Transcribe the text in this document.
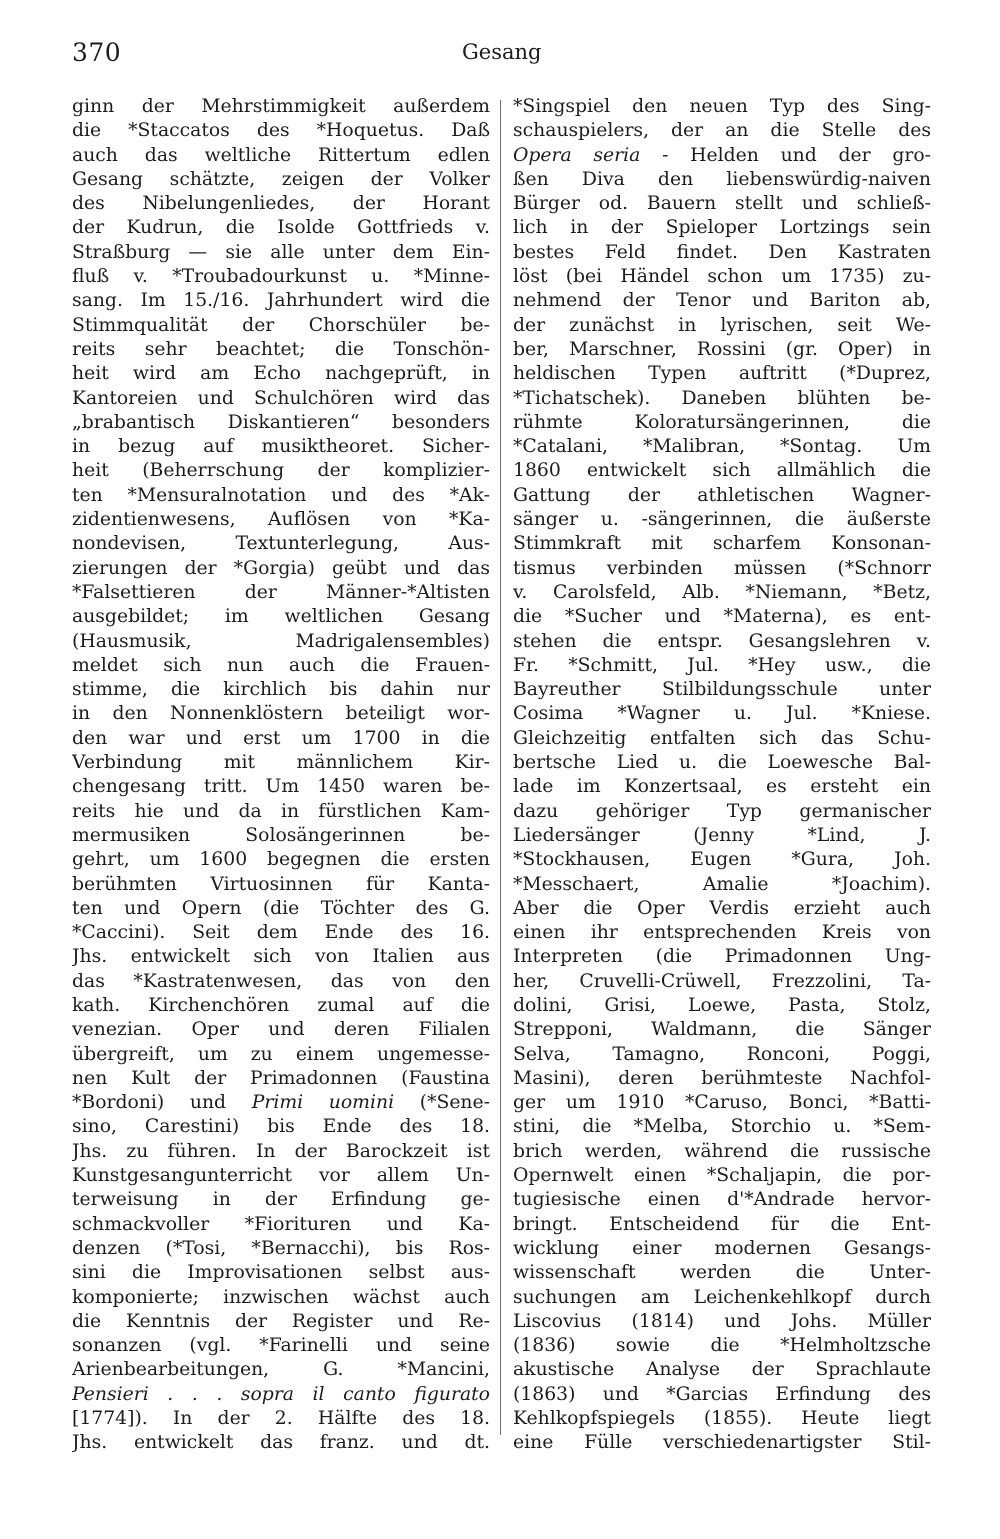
370	Gesang
ginn der Mehrstimmigkeit außerdem
die *Staccatos des *Hoquetus. Daß
auch das weltliche Rittertum edlen
Gesang schätzte, zeigen der Volker
des Nibelungenliedes, der Horant
der Kudrun, die Isolde Gottfrieds v.
Straßburg — sie alle unter dem Ein-
fluß v. *Troubadourkunst u. *Minne-
sang. Im 15./16. Jahrhundert wird die
Stimmqualität der Chorschüler be-
reits sehr beachtet; die Tonschön-
heit wird am Echo nachgeprüft, in
Kantoreien und Schulchören wird das
„brabantisch Diskantieren“ besonders
in bezug auf musiktheoret. Sicher-
heit (Beherrschung der komplizier-
ten *Mensuralnotation und des *Ak-
zidentienwesens, Auflösen von *Ka-
nondevisen, Textunterlegung, Aus-
zierungen der *Gorgia) geübt und das
*Falsettieren der Männer-*Altisten
ausgebildet; im weltlichen Gesang
(Hausmusik, Madrigalensembles)
meldet sich nun auch die Frauen-
stimme, die kirchlich bis dahin nur
in den Nonnenklöstern beteiligt wor-
den war und erst um 1700 in die
Verbindung mit männlichem Kir-
chengesang tritt. Um 1450 waren be-
reits hie und da in fürstlichen Kam-
mermusiken Solosängerinnen be-
gehrt, um 1600 begegnen die ersten
berühmten Virtuosinnen für Kanta-
ten und Opern (die Töchter des G.
*Caccini). Seit dem Ende des 16.
Jhs. entwickelt sich von Italien aus
das *Kastratenwesen, das von den
kath. Kirchenchören zumal auf die
venezian. Oper und deren Filialen
übergreift, um zu einem ungemesse-
nen Kult der Primadonnen (Faustina
*Bordoni) und Primi uomini (*Sene-
sino, Carestini) bis Ende des 18.
Jhs. zu führen. In der Barockzeit ist
Kunstgesangunterricht vor allem Un-
terweisung in der Erfindung ge-
schmackvoller *Fiorituren und Ka-
denzen (*Tosi, *Bernacchi), bis Ros-
sini die Improvisationen selbst aus-
komponierte; inzwischen wächst auch
die Kenntnis der Register und Re-
sonanzen (vgl. *Farinelli und seine
Arienbearbeitungen, G. *Mancini,
Pensieri . . . sopra il canto figurato
[1774]). In der 2. Hälfte des 18.
Jhs. entwickelt das franz. und dt.
*Singspiel den neuen Typ des Sing-
schauspielers, der an die Stelle des
Opera seria - Helden und der gro-
ßen Diva den liebenswürdig-naiven
Bürger od. Bauern stellt und schließ-
lich in der Spieloper Lortzings sein
bestes Feld findet. Den Kastraten
löst (bei Händel schon um 1735) zu-
nehmend der Tenor und Bariton ab,
der zunächst in lyrischen, seit We-
ber, Marschner, Rossini (gr. Oper) in
heldischen Typen auftritt (*Duprez,
*Tichatschek). Daneben blühten be-
rühmte Koloratursängerinnen, die
*Catalani, *Malibran, *Sontag. Um
1860 entwickelt sich allmählich die
Gattung der athletischen Wagner-
sänger u. -sängerinnen, die äußerste
Stimmkraft mit scharfem Konsonan-
tismus verbinden müssen (*Schnorr
v. Carolsfeld, Alb. *Niemann, *Betz,
die *Sucher und *Materna), es ent-
stehen die entspr. Gesangslehren v.
Fr. *Schmitt, Jul. *Hey usw., die
Bayreuther Stilbildungsschule unter
Cosima *Wagner u. Jul. *Kniese.
Gleichzeitig entfalten sich das Schu-
bertsche Lied u. die Loewesche Bal-
lade im Konzertsaal, es ersteht ein
dazu gehöriger Typ germanischer
Liedersänger (Jenny *Lind, J.
*Stockhausen, Eugen *Gura, Joh.
*Messchaert, Amalie *Joachim).
Aber die Oper Verdis erzieht auch
einen ihr entsprechenden Kreis von
Interpreten (die Primadonnen Ung-
her, Cruvelli-Crüwell, Frezzolini, Ta-
dolini, Grisi, Loewe, Pasta, Stolz,
Strepponi, Waldmann, die Sänger
Selva, Tamagno, Ronconi, Poggi,
Masini), deren berühmteste Nachfol-
ger um 1910 *Caruso, Bonci, *Batti-
stini, die *Melba, Storchio u. *Sem-
brich werden, während die russische
Opernwelt einen *Schaljapin, die por-
tugiesische einen d'*Andrade hervor-
bringt. Entscheidend für die Ent-
wicklung einer modernen Gesangs-
wissenschaft werden die Unter-
suchungen am Leichenkehlkopf durch
Liscovius (1814) und Johs. Müller
(1836) sowie die *Helmholtzsche
akustische Analyse der Sprachlaute
(1863) und *Garcias Erfindung des
Kehlkopfspiegels (1855). Heute liegt
eine Fülle verschiedenartigster Stil-
